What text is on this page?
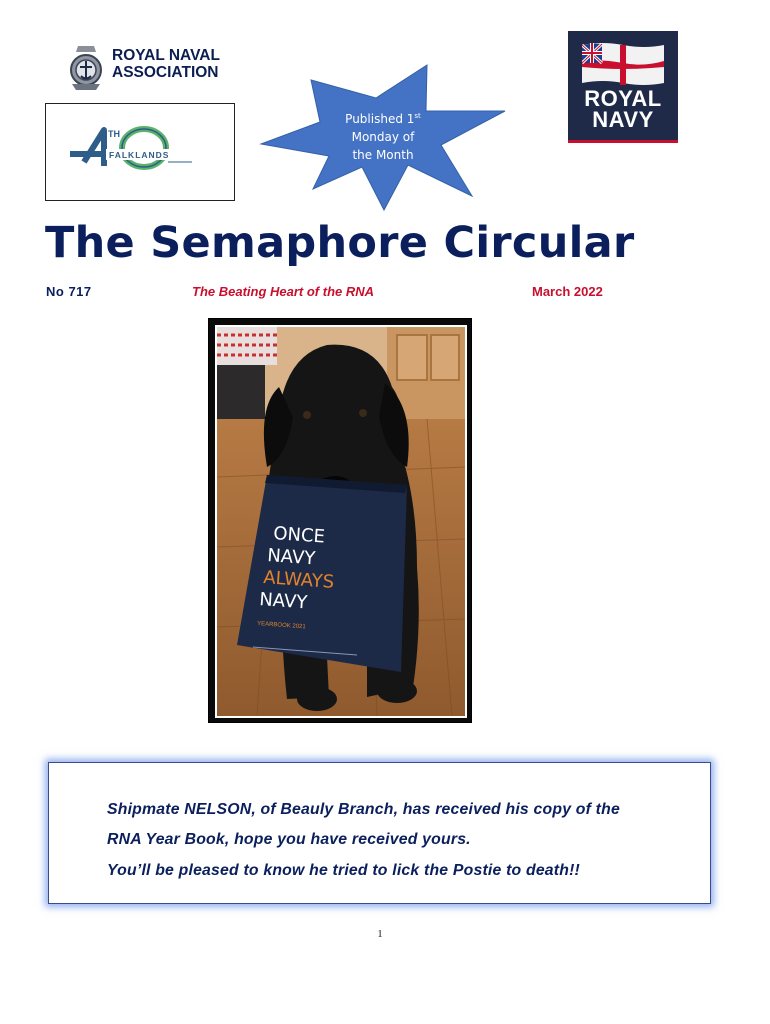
ROYAL NAVAL
ASSOCIATION
TH
FALKLANDS
Published 1st
Monday of
the Month
ROYAL
NAVY
The Semaphore Circular
No 717	The Beating Heart of the RNA	March 2022
ONCE
NAVY
ALWAYS
NAVY
YEARBOOK 2021
Shipmate NELSON, of Beauly Branch, has received his copy of the
RNA Year Book, hope you have received yours.
You’ll be pleased to know he tried to lick the Postie to death!!
1
